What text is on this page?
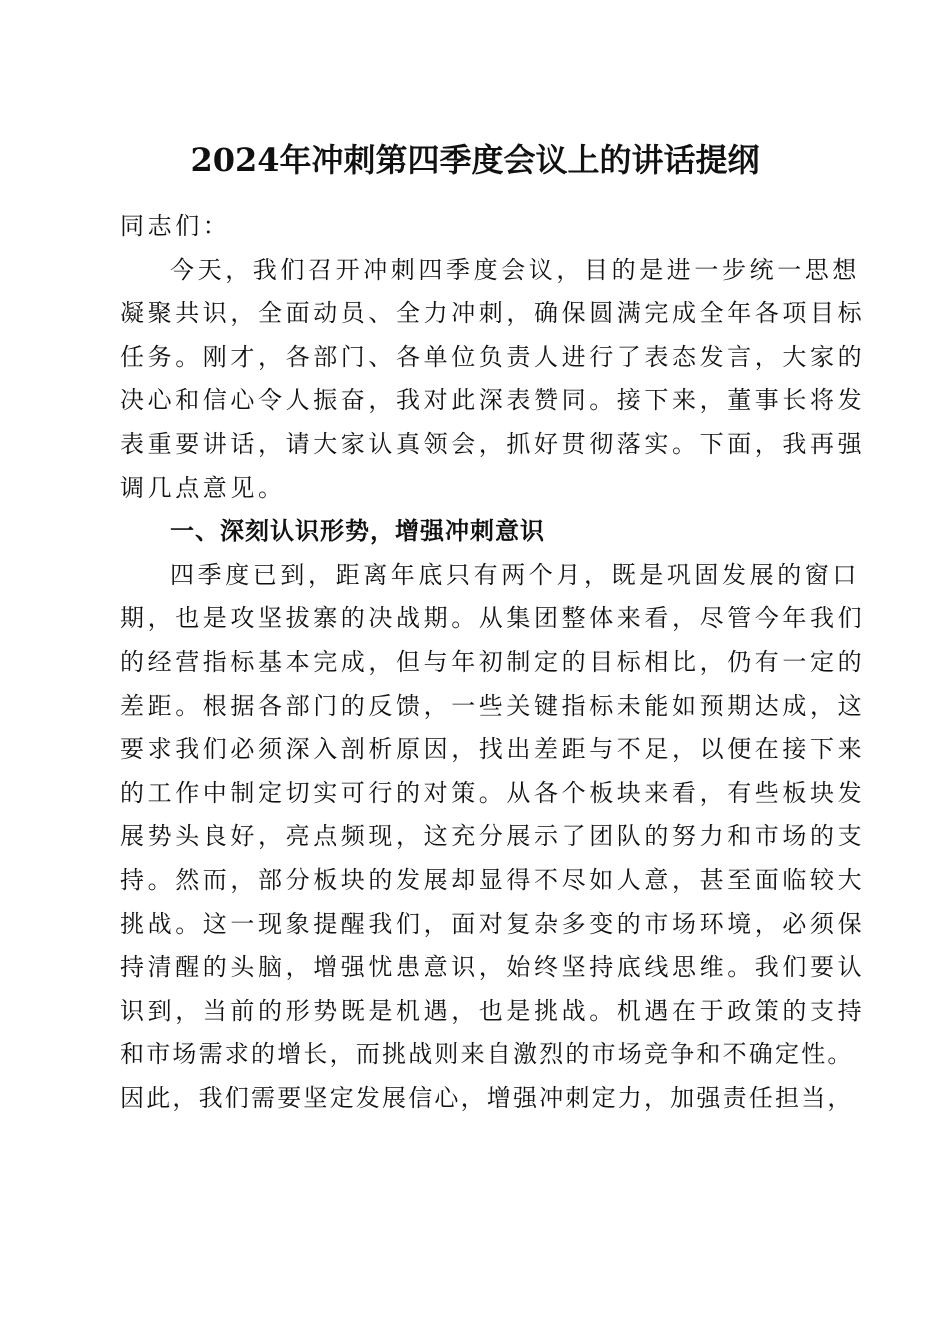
2024年冲刺第四季度会议上的讲话提纲
同志们：
今天，我们召开冲刺四季度会议，目的是进一步统一思想
凝聚共识，全面动员、全力冲刺，确保圆满完成全年各项目标
任务。刚才，各部门、各单位负责人进行了表态发言，大家的
决心和信心令人振奋，我对此深表赞同。接下来，董事长将发
表重要讲话，请大家认真领会，抓好贯彻落实。下面，我再强
调几点意见。
一、深刻认识形势，增强冲刺意识
四季度已到，距离年底只有两个月，既是巩固发展的窗口
期，也是攻坚拔寨的决战期。从集团整体来看，尽管今年我们
的经营指标基本完成，但与年初制定的目标相比，仍有一定的
差距。根据各部门的反馈，一些关键指标未能如预期达成，这
要求我们必须深入剖析原因，找出差距与不足，以便在接下来
的工作中制定切实可行的对策。从各个板块来看，有些板块发
展势头良好，亮点频现，这充分展示了团队的努力和市场的支
持。然而，部分板块的发展却显得不尽如人意，甚至面临较大
挑战。这一现象提醒我们，面对复杂多变的市场环境，必须保
持清醒的头脑，增强忧患意识，始终坚持底线思维。我们要认
识到，当前的形势既是机遇，也是挑战。机遇在于政策的支持
和市场需求的增长，而挑战则来自激烈的市场竞争和不确定性。
因此，我们需要坚定发展信心，增强冲刺定力，加强责任担当，
